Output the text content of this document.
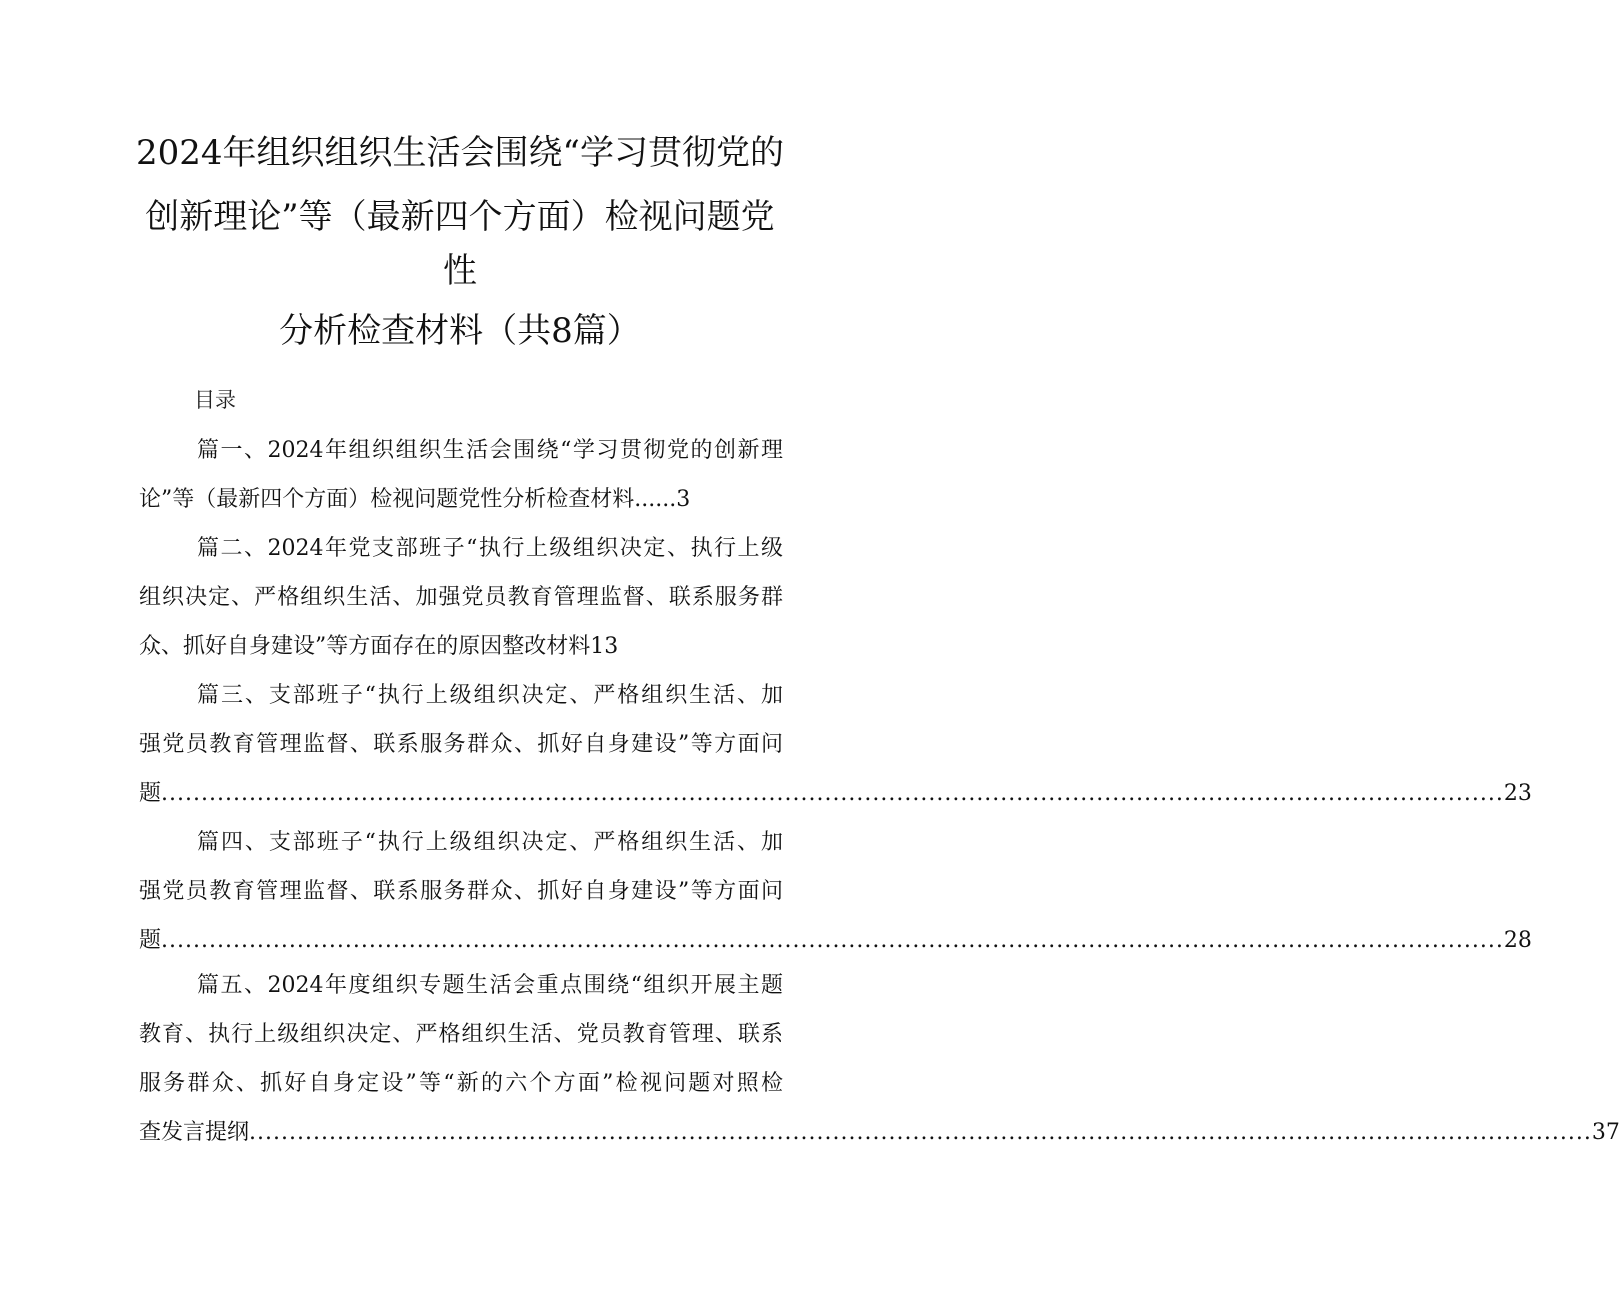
2024年组织组织生活会围绕“学习贯彻党的
创新理论”等（最新四个方面）检视问题党
性
分析检查材料（共8篇）
目录
篇一、2024年组织组织生活会围绕“学习贯彻党的创新理
论”等（最新四个方面）检视问题党性分析检查材料......3
篇二、2024年党支部班子“执行上级组织决定、执行上级
组织决定、严格组织生活、加强党员教育管理监督、联系服务群
众、抓好自身建设”等方面存在的原因整改材料13
篇三、支部班子“执行上级组织决定、严格组织生活、加
强党员教育管理监督、联系服务群众、抓好自身建设”等方面问
题 ........................................................................................................................................................................ 23
篇四、支部班子“执行上级组织决定、严格组织生活、加
强党员教育管理监督、联系服务群众、抓好自身建设”等方面问
题 ........................................................................................................................................................................ 28
篇五、2024年度组织专题生活会重点围绕“组织开展主题
教育、执行上级组织决定、严格组织生活、党员教育管理、联系
服务群众、抓好自身定设”等“新的六个方面”检视问题对照检
查发言提纲 ........................................................................................................................................................................ 37
